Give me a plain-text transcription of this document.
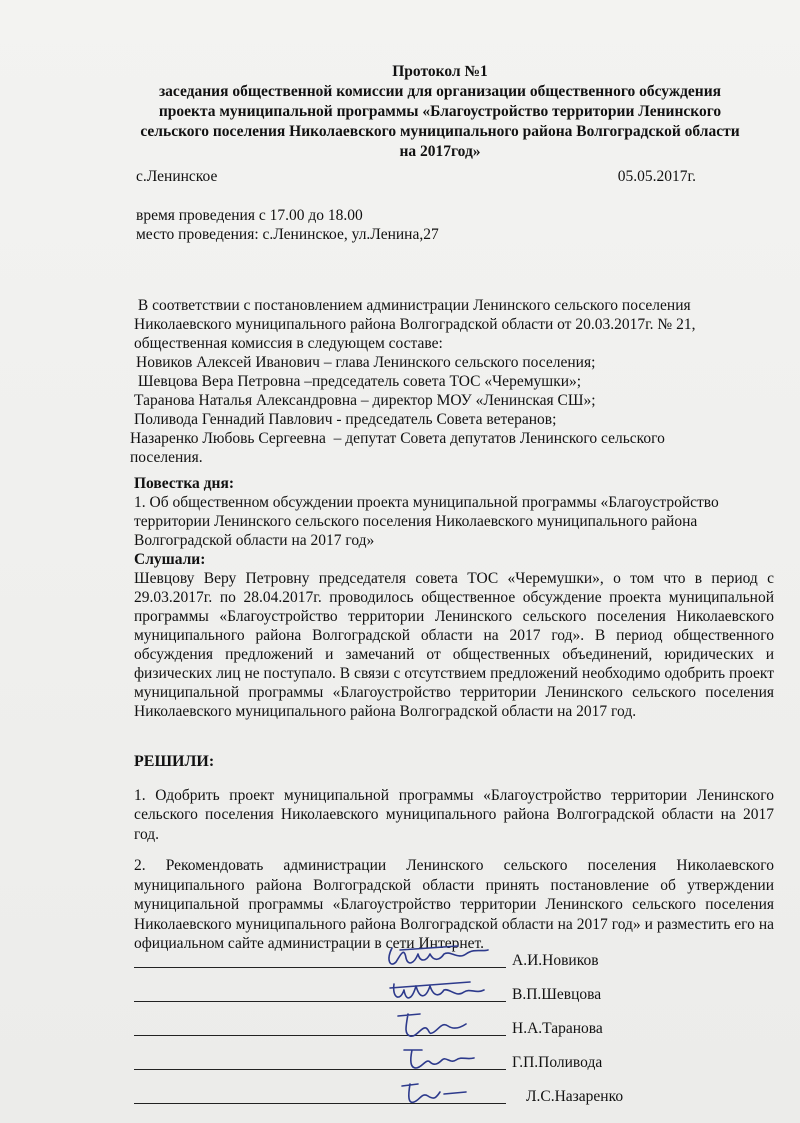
Протокол №1
заседания общественной комиссии для организации общественного обсуждения
проекта муниципальной программы «Благоустройство территории Ленинского
сельского поселения Николаевского муниципального района Волгоградской области
на 2017год»
с.Ленинское	05.05.2017г.
время проведения с 17.00 до 18.00
место проведения: с.Ленинское, ул.Ленина,27

В соответствии с постановлением администрации Ленинского сельского поселения

Николаевского муниципального района Волгоградской области от 20.03.2017г. № 21,

общественная комиссия в следующем составе:

Новиков Алексей Иванович – глава Ленинского сельского поселения;
Шевцова Вера Петровна –председатель совета ТОС «Черемушки»;
Таранова Наталья Александровна – директор МОУ «Ленинская СШ»;
Поливода Геннадий Павлович - председатель Совета ветеранов;
Назаренко Любовь Сергеевна  – депутат Совета депутатов Ленинского сельского
поселения.

Повестка дня:

1. Об общественном обсуждении проекта муниципальной программы «Благоустройство территории Ленинского сельского поселения Николаевского муниципального района Волгоградской области на 2017 год»

Слушали:

Шевцову Веру Петровну председателя совета ТОС «Черемушки», о том что в период с 29.03.2017г. по 28.04.2017г. проводилось общественное обсуждение проекта муниципальной программы «Благоустройство территории Ленинского сельского поселения Николаевского муниципального района Волгоградской области на 2017 год». В период общественного обсуждения предложений и замечаний от общественных объединений, юридических и физических лиц не поступало. В связи с отсутствием предложений необходимо одобрить проект муниципальной программы «Благоустройство территории Ленинского сельского поселения Николаевского муниципального района Волгоградской области на 2017 год.

РЕШИЛИ:

1. Одобрить проект муниципальной программы «Благоустройство территории Ленинского сельского поселения Николаевского муниципального района Волгоградской области на 2017 год.

2. Рекомендовать администрации Ленинского сельского поселения Николаевского муниципального района Волгоградской области принять постановление об утверждении муниципальной программы «Благоустройство территории Ленинского сельского поселения Николаевского муниципального района Волгоградской области на 2017 год» и разместить его на официальном сайте администрации в сети Интернет.

А.И.Новиков
В.П.Шевцова
Н.А.Таранова
Г.П.Поливода
Л.С.Назаренко
